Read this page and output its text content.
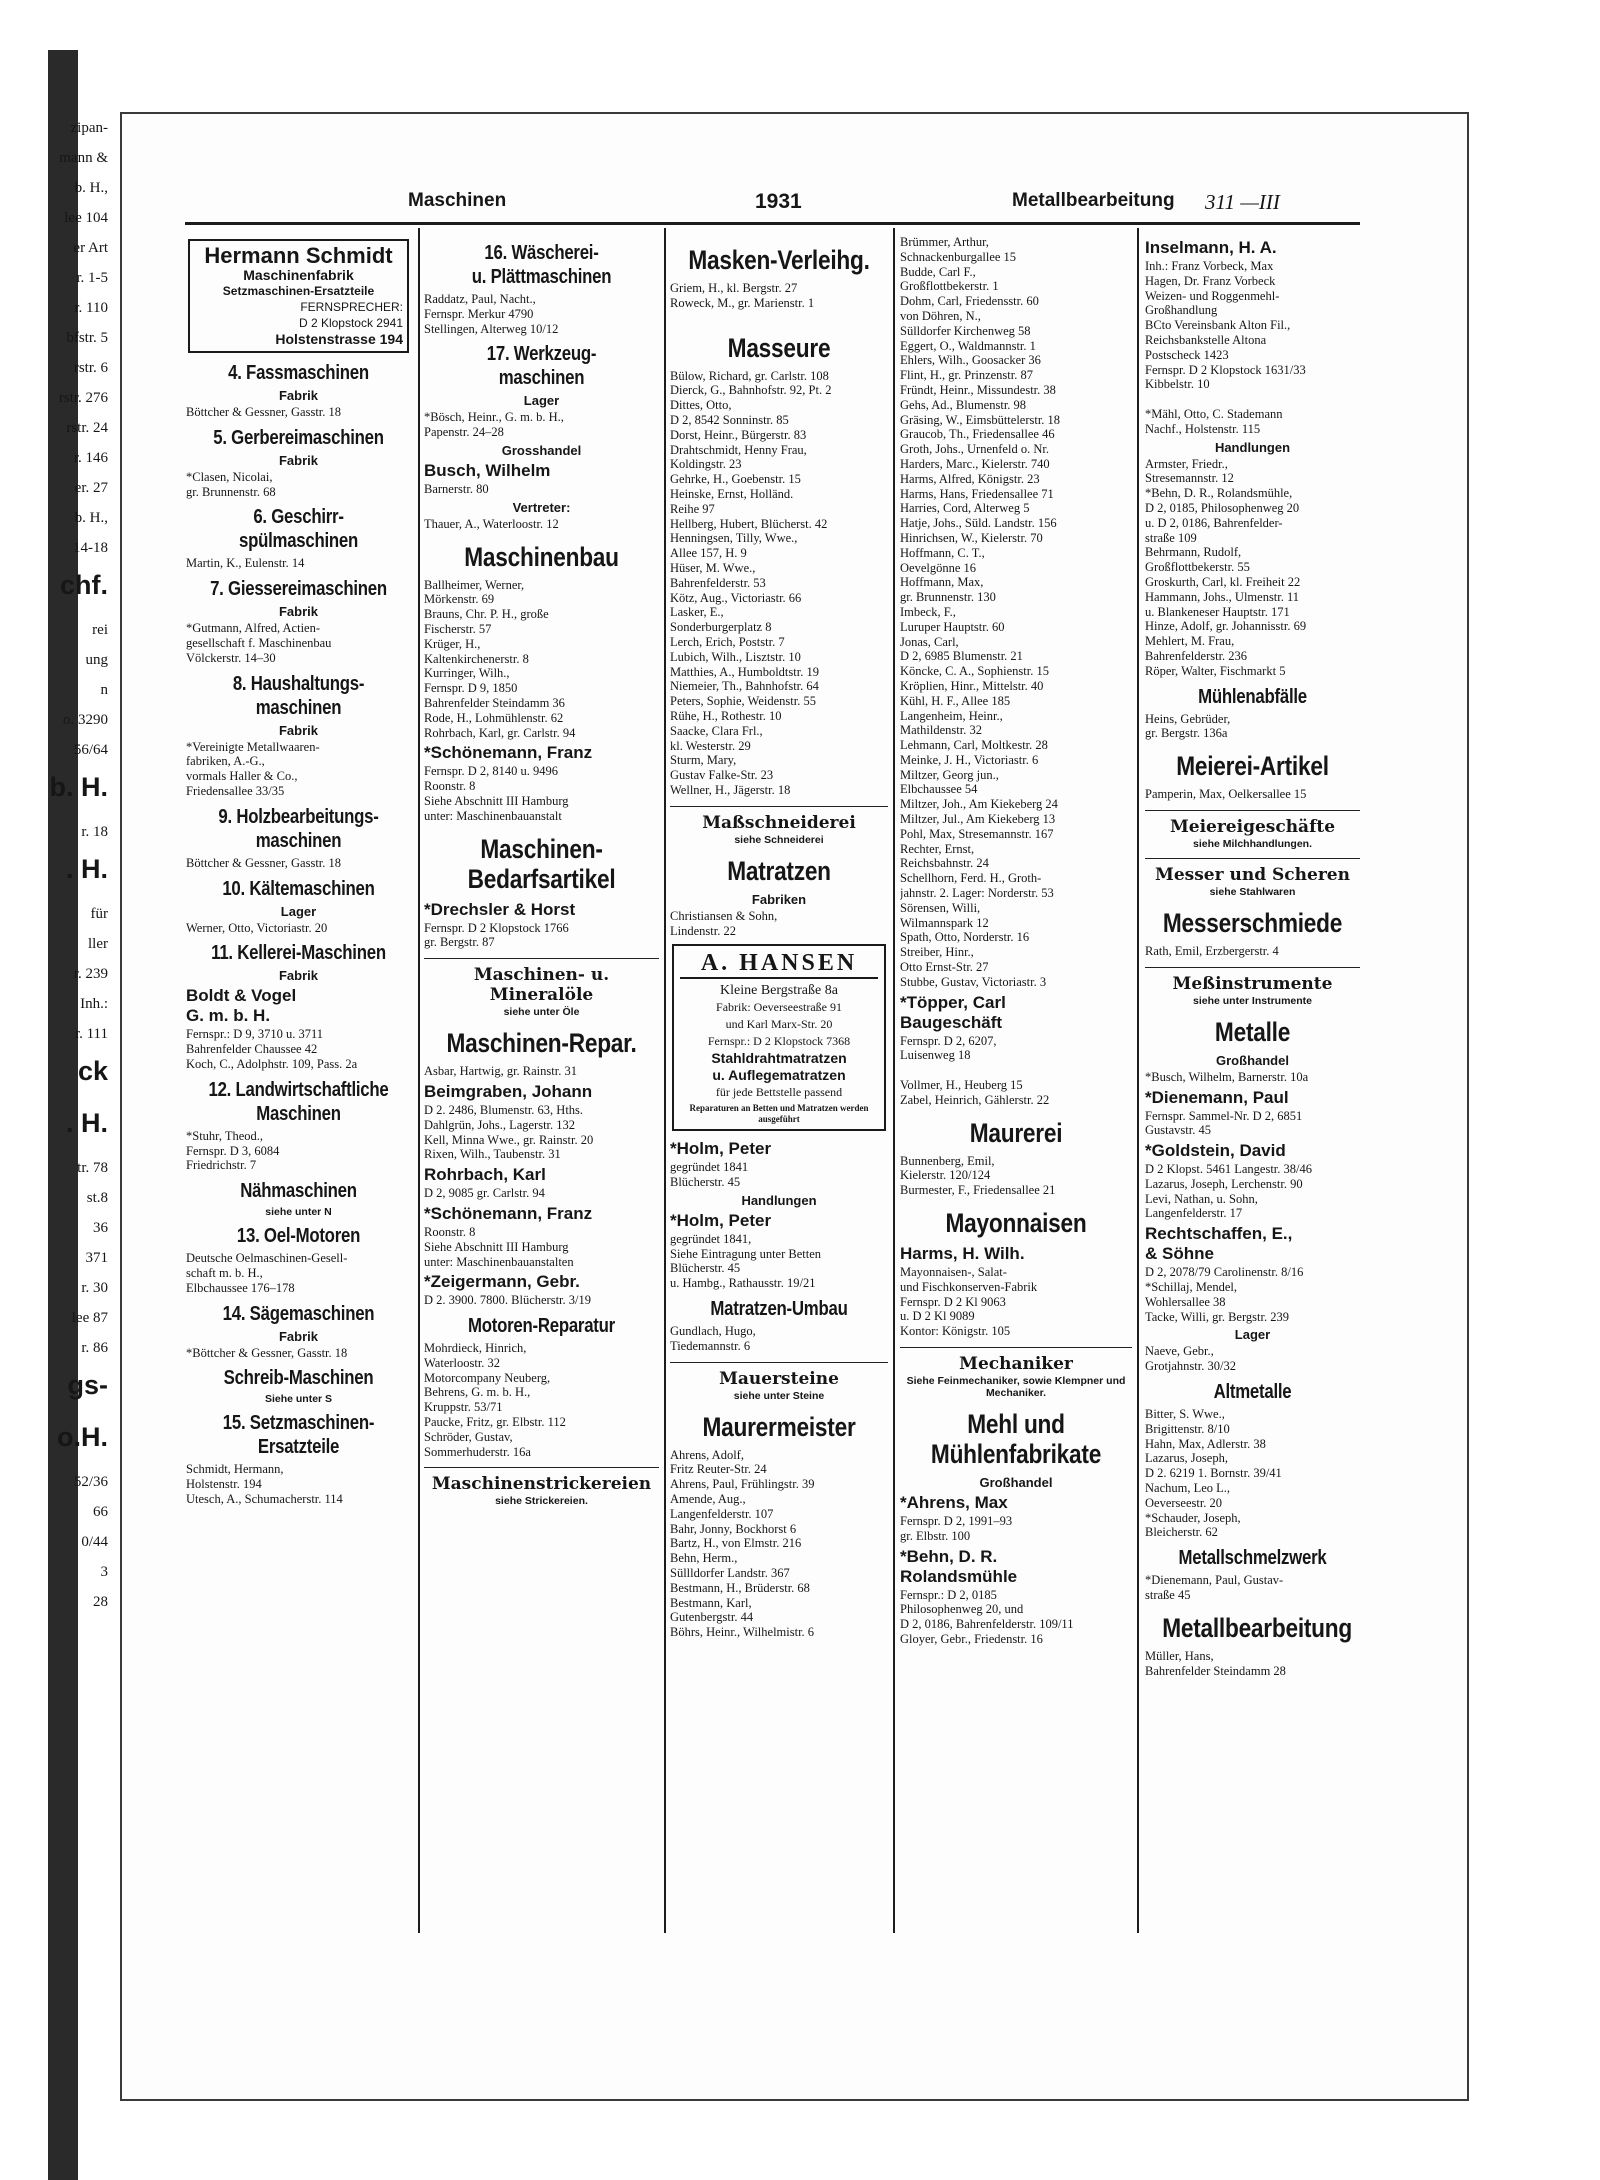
zipan-
mann &
b. H.,
lee 104
er Art
r. 1-5
r. 110
bfstr. 5
rstr. 6
rstr. 276
rstr. 24
r. 146
er. 27
b. H.,
14-18
chf.
rei
ung
n
o. 3290
56/64
b. H.
r. 18
. H.
für
ller
r. 239
Inh.:
r. 111
ck
. H.
tr. 78
st.8
36
371
r. 30
lee 87
r. 86
gs-
o.H.
52/36
66
0/44
3
28
Maschinen	1931	Metallbearbeitung 311 —III
Hermann Schmidt
Maschinenfabrik
Setzmaschinen-Ersatzteile
FERNSPRECHER:
D 2 Klopstock 2941
Holstenstrasse 194
4. Fassmaschinen
Fabrik
Böttcher & Gessner, Gasstr. 18
5. Gerbereimaschinen
Fabrik
*Clasen, Nicolai,
gr. Brunnenstr. 68
6. Geschirr-
spülmaschinen
Martin, K., Eulenstr. 14
7. Giessereimaschinen
Fabrik
*Gutmann, Alfred, Actien-
gesellschaft f. Maschinenbau
Völckerstr. 14–30
8. Haushaltungs-
maschinen
Fabrik
*Vereinigte Metallwaaren-
fabriken, A.-G.,
vormals Haller & Co.,
Friedensallee 33/35
9. Holzbearbeitungs-
maschinen
Böttcher & Gessner, Gasstr. 18
10. Kältemaschinen
Lager
Werner, Otto, Victoriastr. 20
11. Kellerei-Maschinen
Fabrik
Boldt & Vogel
G. m. b. H.
Fernspr.: D 9, 3710 u. 3711
Bahrenfelder Chaussee 42
Koch, C., Adolphstr. 109, Pass. 2a
12. Landwirtschaftliche
Maschinen
*Stuhr, Theod.,
Fernspr. D 3, 6084
Friedrichstr. 7
Nähmaschinen
siehe unter N
13. Oel-Motoren
Deutsche Oelmaschinen-Gesell-
schaft m. b. H.,
Elbchaussee 176–178
14. Sägemaschinen
Fabrik
*Böttcher & Gessner, Gasstr. 18
Schreib-Maschinen
Siehe unter S
15. Setzmaschinen-
Ersatzteile
Schmidt, Hermann,
Holstenstr. 194
Utesch, A., Schumacherstr. 114
16. Wäscherei-
u. Plättmaschinen
Raddatz, Paul, Nacht.,
Fernspr. Merkur 4790
Stellingen, Alterweg 10/12
17. Werkzeug-
maschinen
Lager
*Bösch, Heinr., G. m. b. H.,
Papenstr. 24–28
Grosshandel
Busch, Wilhelm
Barnerstr. 80
Vertreter:
Thauer, A., Waterloostr. 12
Maschinenbau
Ballheimer, Werner,
Mörkenstr. 69
Brauns, Chr. P. H., große
Fischerstr. 57
Krüger, H.,
Kaltenkirchenerstr. 8
Kurringer, Wilh.,
Fernspr. D 9, 1850
Bahrenfelder Steindamm 36
Rode, H., Lohmühlenstr. 62
Rohrbach, Karl, gr. Carlstr. 94
*Schönemann, Franz
Fernspr. D 2, 8140 u. 9496
Roonstr. 8
Siehe Abschnitt III Hamburg
unter: Maschinenbauanstalt
Maschinen-
Bedarfsartikel
*Drechsler & Horst
Fernspr. D 2 Klopstock 1766
gr. Bergstr. 87
Maschinen- u. Mineralöle
siehe unter Öle
Maschinen-Repar.
Asbar, Hartwig, gr. Rainstr. 31
Beimgraben, Johann
D 2. 2486, Blumenstr. 63, Hths.
Dahlgrün, Johs., Lagerstr. 132
Kell, Minna Wwe., gr. Rainstr. 20
Rixen, Wilh., Taubenstr. 31
Rohrbach, Karl
D 2, 9085 gr. Carlstr. 94
*Schönemann, Franz
Roonstr. 8
Siehe Abschnitt III Hamburg
unter: Maschinenbauanstalten
*Zeigermann, Gebr.
D 2. 3900. 7800. Blücherstr. 3/19
Motoren-Reparatur
Mohrdieck, Hinrich,
Waterloostr. 32
Motorcompany Neuberg,
Behrens, G. m. b. H.,
Kruppstr. 53/71
Paucke, Fritz, gr. Elbstr. 112
Schröder, Gustav,
Sommerhuderstr. 16a
Maschinenstrickereien
siehe Strickereien.
Masken-Verleihg.
Griem, H., kl. Bergstr. 27
Roweck, M., gr. Marienstr. 1
Masseure
Bülow, Richard, gr. Carlstr. 108
Dierck, G., Bahnhofstr. 92, Pt. 2
Dittes, Otto,
D 2, 8542 Sonninstr. 85
Dorst, Heinr., Bürgerstr. 83
Drahtschmidt, Henny Frau,
Koldingstr. 23
Gehrke, H., Goebenstr. 15
Heinske, Ernst, Holländ.
Reihe 97
Hellberg, Hubert, Blücherst. 42
Henningsen, Tilly, Wwe.,
Allee 157, H. 9
Hüser, M. Wwe.,
Bahrenfelderstr. 53
Kötz, Aug., Victoriastr. 66
Lasker, E.,
Sonderburgerplatz 8
Lerch, Erich, Poststr. 7
Lubich, Wilh., Lisztstr. 10
Matthies, A., Humboldtstr. 19
Niemeier, Th., Bahnhofstr. 64
Peters, Sophie, Weidenstr. 55
Rühe, H., Rothestr. 10
Saacke, Clara Frl.,
kl. Westerstr. 29
Sturm, Mary,
Gustav Falke-Str. 23
Wellner, H., Jägerstr. 18
Maßschneiderei
siehe Schneiderei
Matratzen
Fabriken
Christiansen & Sohn,
Lindenstr. 22
A. HANSEN
Kleine Bergstraße 8a
Fabrik: Oeverseestraße 91
und Karl Marx-Str. 20
Fernspr.: D 2 Klopstock 7368
Stahldrahtmatratzen
u. Auflegematratzen
für jede Bettstelle passend
Reparaturen an Betten und Matratzen werden ausgeführt
*Holm, Peter
gegründet 1841
Blücherstr. 45
Handlungen
*Holm, Peter
gegründet 1841,
Siehe Eintragung unter Betten
Blücherstr. 45
u. Hambg., Rathausstr. 19/21
Matratzen-Umbau
Gundlach, Hugo,
Tiedemannstr. 6
Mauersteine
siehe unter Steine
Maurermeister
Ahrens, Adolf,
Fritz Reuter-Str. 24
Ahrens, Paul, Frühlingstr. 39
Amende, Aug.,
Langenfelderstr. 107
Bahr, Jonny, Bockhorst 6
Bartz, H., von Elmstr. 216
Behn, Herm.,
Süllldorfer Landstr. 367
Bestmann, H., Brüderstr. 68
Bestmann, Karl,
Gutenbergstr. 44
Böhrs, Heinr., Wilhelmistr. 6
Brümmer, Arthur,
Schnackenburgallee 15
Budde, Carl F.,
Großflottbekerstr. 1
Dohm, Carl, Friedensstr. 60
von Döhren, N.,
Sülldorfer Kirchenweg 58
Eggert, O., Waldmannstr. 1
Ehlers, Wilh., Goosacker 36
Flint, H., gr. Prinzenstr. 87
Fründt, Heinr., Missundestr. 38
Gehs, Ad., Blumenstr. 98
Gräsing, W., Eimsbüttelerstr. 18
Graucob, Th., Friedensallee 46
Groth, Johs., Urnenfeld o. Nr.
Harders, Marc., Kielerstr. 740
Harms, Alfred, Königstr. 23
Harms, Hans, Friedensallee 71
Harries, Cord, Alterweg 5
Hatje, Johs., Süld. Landstr. 156
Hinrichsen, W., Kielerstr. 70
Hoffmann, C. T.,
Oevelgönne 16
Hoffmann, Max,
gr. Brunnenstr. 130
Imbeck, F.,
Luruper Hauptstr. 60
Jonas, Carl,
D 2, 6985 Blumenstr. 21
Köncke, C. A., Sophienstr. 15
Kröplien, Hinr., Mittelstr. 40
Kühl, H. F., Allee 185
Langenheim, Heinr.,
Mathildenstr. 32
Lehmann, Carl, Moltkestr. 28
Meinke, J. H., Victoriastr. 6
Miltzer, Georg jun.,
Elbchaussee 54
Miltzer, Joh., Am Kiekeberg 24
Miltzer, Jul., Am Kiekeberg 13
Pohl, Max, Stresemannstr. 167
Rechter, Ernst,
Reichsbahnstr. 24
Schellhorn, Ferd. H., Groth-
jahnstr. 2. Lager: Norderstr. 53
Sörensen, Willi,
Wilmannspark 12
Spath, Otto, Norderstr. 16
Streiber, Hinr.,
Otto Ernst-Str. 27
Stubbe, Gustav, Victoriastr. 3
*Töpper, Carl
Baugeschäft
Fernspr. D 2, 6207,
Luisenweg 18

Vollmer, H., Heuberg 15
Zabel, Heinrich, Gählerstr. 22
Maurerei
Bunnenberg, Emil,
Kielerstr. 120/124
Burmester, F., Friedensallee 21
Mayonnaisen
Harms, H. Wilh.
Mayonnaisen-, Salat-
und Fischkonserven-Fabrik
Fernspr. D 2 Kl 9063
u. D 2 Kl 9089
Kontor: Königstr. 105
Mechaniker
Siehe Feinmechaniker, sowie Klempner und Mechaniker.
Mehl und
Mühlenfabrikate
Großhandel
*Ahrens, Max
Fernspr. D 2, 1991–93
gr. Elbstr. 100
*Behn, D. R.
Rolandsmühle
Fernspr.: D 2, 0185
Philosophenweg 20, und
D 2, 0186, Bahrenfelderstr. 109/11
Gloyer, Gebr., Friedenstr. 16
Inselmann, H. A.
Inh.: Franz Vorbeck, Max
Hagen, Dr. Franz Vorbeck
Weizen- und Roggenmehl-
Großhandlung
BCto Vereinsbank Alton Fil.,
Reichsbankstelle Altona
Postscheck 1423
Fernspr. D 2 Klopstock 1631/33
Kibbelstr. 10

*Mähl, Otto, C. Stademann
Nachf., Holstenstr. 115
Handlungen
Armster, Friedr.,
Stresemannstr. 12
*Behn, D. R., Rolandsmühle,
D 2, 0185, Philosophenweg 20
u. D 2, 0186, Bahrenfelder-
straße 109
Behrmann, Rudolf,
Großflottbekerstr. 55
Groskurth, Carl, kl. Freiheit 22
Hammann, Johs., Ulmenstr. 11
u. Blankeneser Hauptstr. 171
Hinze, Adolf, gr. Johannisstr. 69
Mehlert, M. Frau,
Bahrenfelderstr. 236
Röper, Walter, Fischmarkt 5
Mühlenabfälle
Heins, Gebrüder,
gr. Bergstr. 136a
Meierei-Artikel
Pamperin, Max, Oelkersallee 15
Meiereigeschäfte
siehe Milchhandlungen.
Messer und Scheren
siehe Stahlwaren
Messerschmiede
Rath, Emil, Erzbergerstr. 4
Meßinstrumente
siehe unter Instrumente
Metalle
Großhandel
*Busch, Wilhelm, Barnerstr. 10a
*Dienemann, Paul
Fernspr. Sammel-Nr. D 2, 6851
Gustavstr. 45
*Goldstein, David
D 2 Klopst. 5461 Langestr. 38/46
Lazarus, Joseph, Lerchenstr. 90
Levi, Nathan, u. Sohn,
Langenfelderstr. 17
Rechtschaffen, E.,
& Söhne
D 2, 2078/79 Carolinenstr. 8/16
*Schillaj, Mendel,
Wohlersallee 38
Tacke, Willi, gr. Bergstr. 239
Lager
Naeve, Gebr.,
Grotjahnstr. 30/32
Altmetalle
Bitter, S. Wwe.,
Brigittenstr. 8/10
Hahn, Max, Adlerstr. 38
Lazarus, Joseph,
D 2. 6219 1. Bornstr. 39/41
Nachum, Leo L.,
Oeverseestr. 20
*Schauder, Joseph,
Bleicherstr. 62
Metallschmelzwerk
*Dienemann, Paul, Gustav-
straße 45
Metallbearbeitung
Müller, Hans,
Bahrenfelder Steindamm 28
